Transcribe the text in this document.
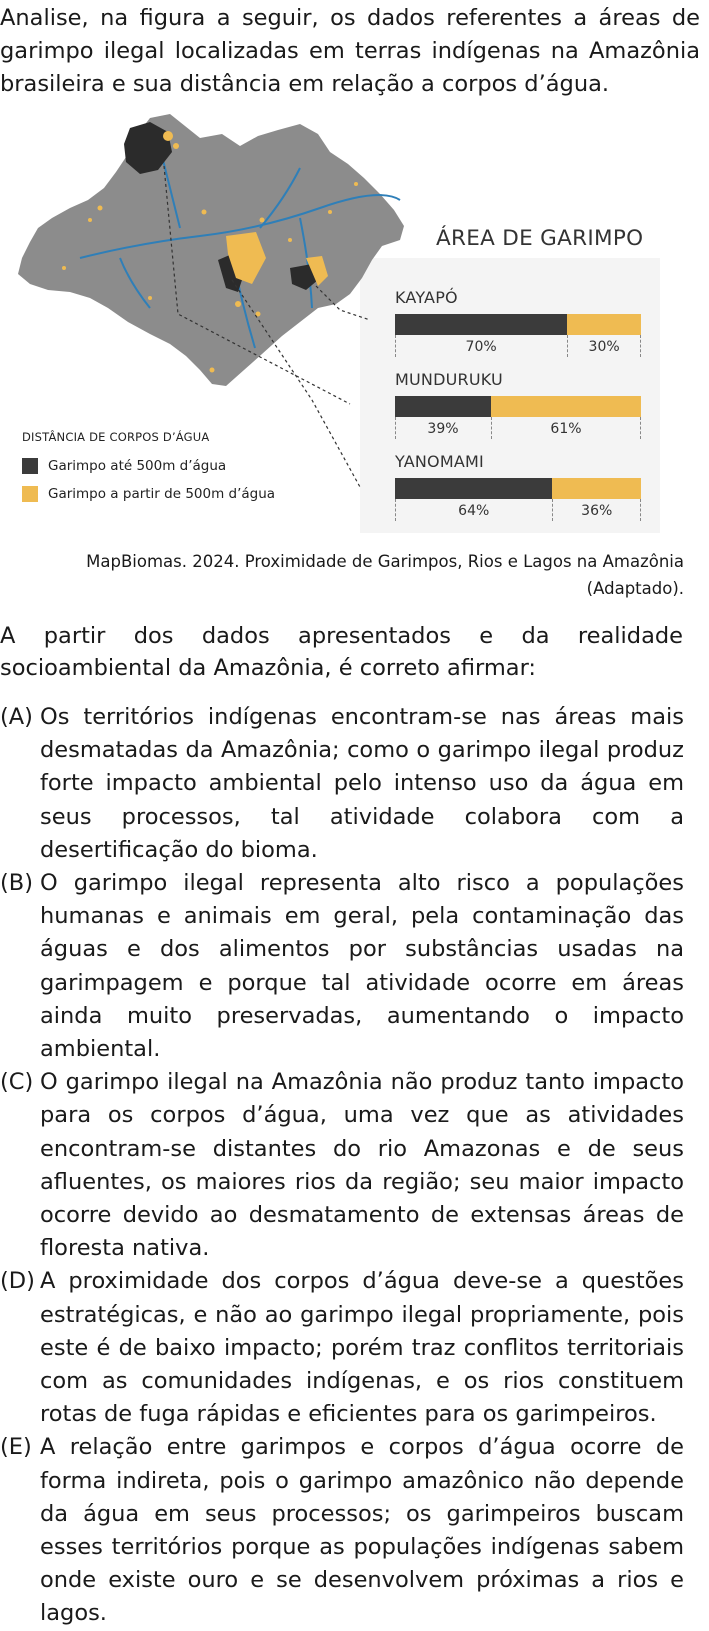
Analise, na figura a seguir, os dados referentes a áreas de garimpo ilegal localizadas em terras indígenas na Amazônia brasileira e sua distância em relação a corpos d’água.

DISTÂNCIA DE CORPOS D’ÁGUA
Garimpo até 500m d’água
Garimpo a partir de 500m d’água
ÁREA DE GARIMPO
KAYAPÓ
70%	30%
MUNDURUKU
39%	61%
YANOMAMI
64%	36%
MapBiomas. 2024. Proximidade de Garimpos, Rios e Lagos na Amazônia (Adaptado).

A partir dos dados apresentados e da realidade socioambiental da Amazônia, é correto afirmar:

(A) Os territórios indígenas encontram-se nas áreas mais desmatadas da Amazônia; como o garimpo ilegal produz forte impacto ambiental pelo intenso uso da água em seus processos, tal atividade colabora com a desertificação do bioma.
(B) O garimpo ilegal representa alto risco a populações humanas e animais em geral, pela contaminação das águas e dos alimentos por substâncias usadas na garimpagem e porque tal atividade ocorre em áreas ainda muito preservadas, aumentando o impacto ambiental.
(C) O garimpo ilegal na Amazônia não produz tanto impacto para os corpos d’água, uma vez que as atividades encontram-se distantes do rio Amazonas e de seus afluentes, os maiores rios da região; seu maior impacto ocorre devido ao desmatamento de extensas áreas de floresta nativa.
(D) A proximidade dos corpos d’água deve-se a questões estratégicas, e não ao garimpo ilegal propriamente, pois este é de baixo impacto; porém traz conflitos territoriais com as comunidades indígenas, e os rios constituem rotas de fuga rápidas e eficientes para os garimpeiros.
(E) A relação entre garimpos e corpos d’água ocorre de forma indireta, pois o garimpo amazônico não depende da água em seus processos; os garimpeiros buscam esses territórios porque as populações indígenas sabem onde existe ouro e se desenvolvem próximas a rios e lagos.
